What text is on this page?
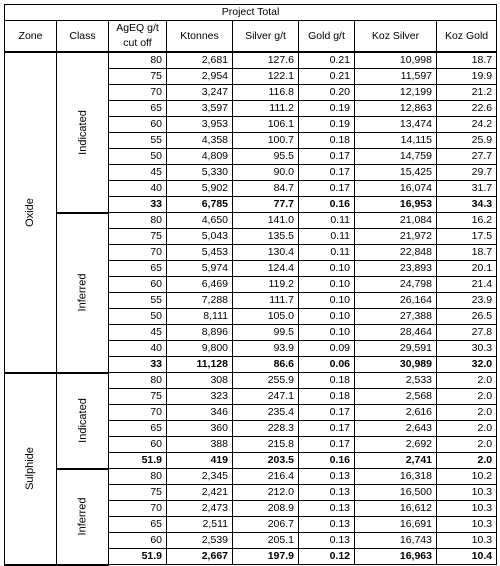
Project Total							
Zone	Class	AgEQ g/t cut off	Ktonnes	Silver g/t	Gold g/t	Koz Silver	Koz Gold
Oxide	Indicated	80	2,681	127.6	0.21	10,998	18.7
		75	2,954	122.1	0.21	11,597	19.9
		70	3,247	116.8	0.20	12,199	21.2
		65	3,597	111.2	0.19	12,863	22.6
		60	3,953	106.1	0.19	13,474	24.2
		55	4,358	100.7	0.18	14,115	25.9
		50	4,809	95.5	0.17	14,759	27.7
		45	5,330	90.0	0.17	15,425	29.7
		40	5,902	84.7	0.17	16,074	31.7
		33	6,785	77.7	0.16	16,953	34.3
	Inferred	80	4,650	141.0	0.11	21,084	16.2
		75	5,043	135.5	0.11	21,972	17.5
		70	5,453	130.4	0.11	22,848	18.7
		65	5,974	124.4	0.10	23,893	20.1
		60	6,469	119.2	0.10	24,798	21.4
		55	7,288	111.7	0.10	26,164	23.9
		50	8,111	105.0	0.10	27,388	26.5
		45	8,896	99.5	0.10	28,464	27.8
		40	9,800	93.9	0.09	29,591	30.3
		33	11,128	86.6	0.06	30,989	32.0
Sulphide	Indicated	80	308	255.9	0.18	2,533	2.0
		75	323	247.1	0.18	2,568	2.0
		70	346	235.4	0.17	2,616	2.0
		65	360	228.3	0.17	2,643	2.0
		60	388	215.8	0.17	2,692	2.0
		51.9	419	203.5	0.16	2,741	2.0
	Inferred	80	2,345	216.4	0.13	16,318	10.2
		75	2,421	212.0	0.13	16,500	10.3
		70	2,473	208.9	0.13	16,612	10.3
		65	2,511	206.7	0.13	16,691	10.3
		60	2,539	205.1	0.13	16,743	10.3
		51.9	2,667	197.9	0.12	16,963	10.4
